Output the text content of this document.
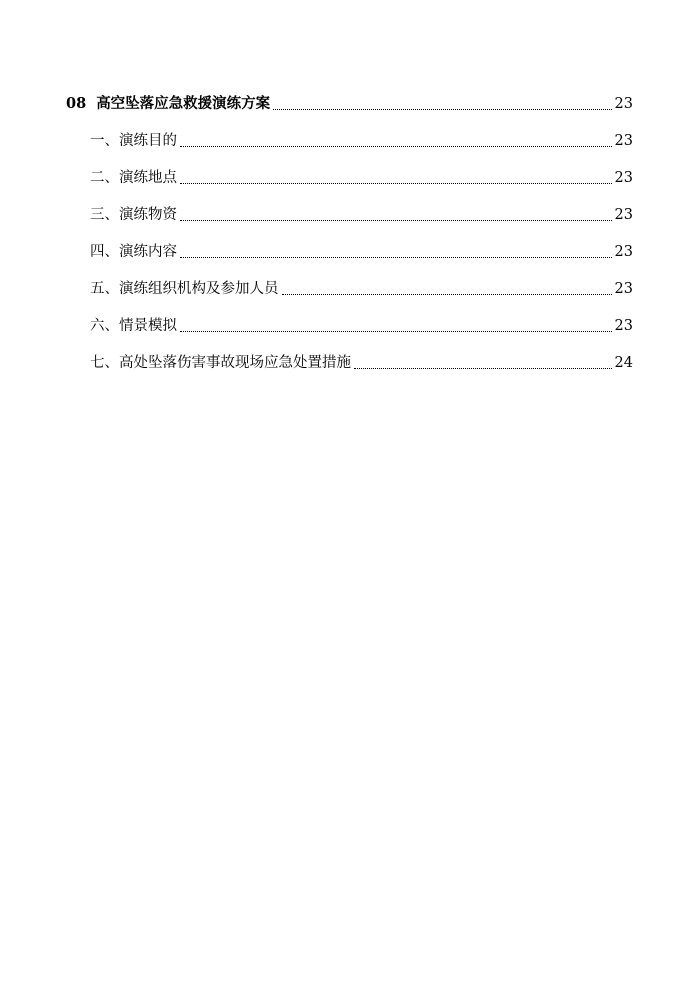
08 高空坠落应急救援演练方案	23
一、演练目的	23
二、演练地点	23
三、演练物资	23
四、演练内容	23
五、演练组织机构及参加人员	23
六、情景模拟	23
七、高处坠落伤害事故现场应急处置措施	24
